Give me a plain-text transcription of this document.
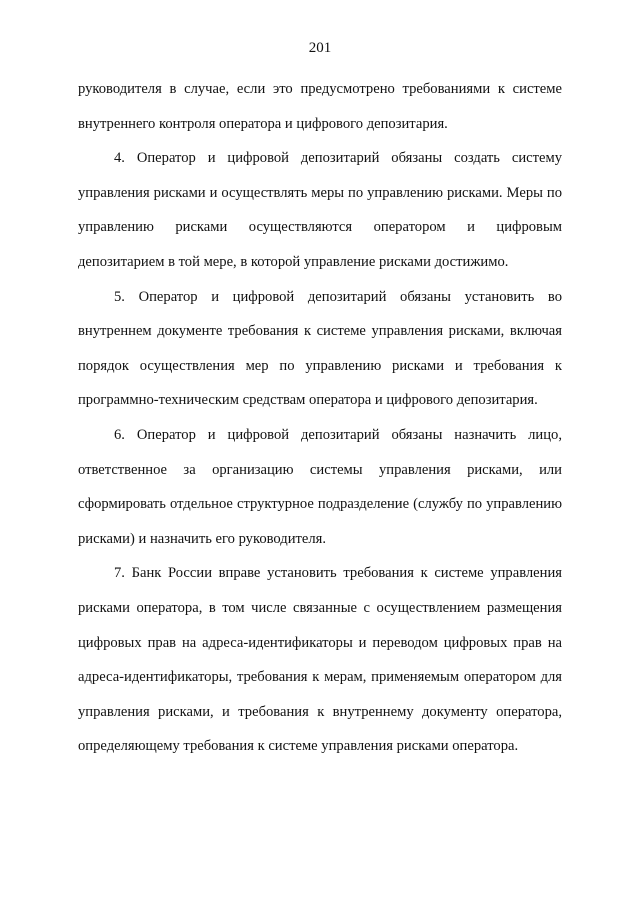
201

руководителя в случае, если это предусмотрено требованиями к системе внутреннего контроля оператора и цифрового депозитария.

4. Оператор и цифровой депозитарий обязаны создать систему управления рисками и осуществлять меры по управлению рисками. Меры по управлению рисками осуществляются оператором и цифровым депозитарием в той мере, в которой управление рисками достижимо.

5. Оператор и цифровой депозитарий обязаны установить во внутреннем документе требования к системе управления рисками, включая порядок осуществления мер по управлению рисками и требования к программно-техническим средствам оператора и цифрового депозитария.

6. Оператор и цифровой депозитарий обязаны назначить лицо, ответственное за организацию системы управления рисками, или сформировать отдельное структурное подразделение (службу по управлению рисками) и назначить его руководителя.

7. Банк России вправе установить требования к системе управления рисками оператора, в том числе связанные с осуществлением размещения цифровых прав на адреса-идентификаторы и переводом цифровых прав на адреса-идентификаторы, требования к мерам, применяемым оператором для управления рисками, и требования к внутреннему документу оператора, определяющему требования к системе управления рисками оператора.
